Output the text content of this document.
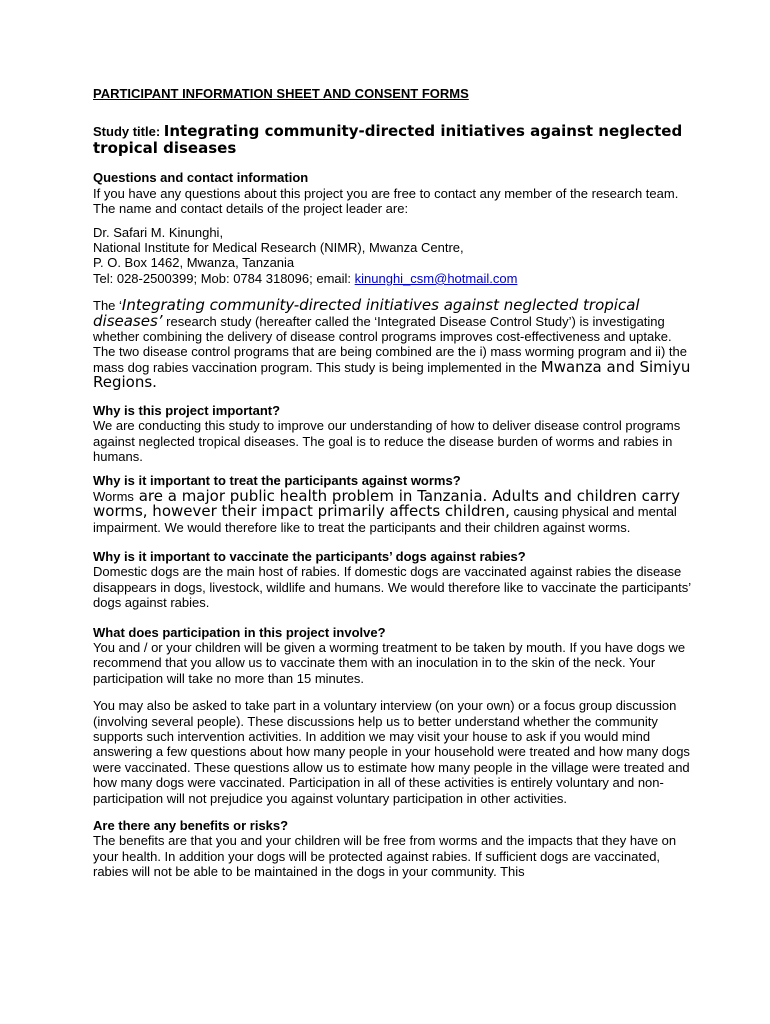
PARTICIPANT INFORMATION SHEET AND CONSENT FORMS

Study title: Integrating community-directed initiatives against neglected tropical diseases

Questions and contact information

If you have any questions about this project you are free to contact any member of the research team. The name and contact details of the project leader are:

Dr. Safari M. Kinunghi,

National Institute for Medical Research (NIMR), Mwanza Centre,

P. O. Box 1462, Mwanza, Tanzania

Tel: 028-2500399; Mob: 0784 318096; email: kinunghi_csm@hotmail.com

The ‘Integrating community-directed initiatives against neglected tropical diseases’ research study (hereafter called the ‘Integrated Disease Control Study’) is investigating whether combining the delivery of disease control programs improves cost-effectiveness and uptake. The two disease control programs that are being combined are the i) mass worming program and ii) the mass dog rabies vaccination program. This study is being implemented in the Mwanza and Simiyu Regions.

Why is this project important?

We are conducting this study to improve our understanding of how to deliver disease control programs against neglected tropical diseases. The goal is to reduce the disease burden of worms and rabies in humans.

Why is it important to treat the participants against worms?

Worms are a major public health problem in Tanzania. Adults and children carry worms, however their impact primarily affects children, causing physical and mental impairment. We would therefore like to treat the participants and their children against worms.

Why is it important to vaccinate the participants’ dogs against rabies?

Domestic dogs are the main host of rabies. If domestic dogs are vaccinated against rabies the disease disappears in dogs, livestock, wildlife and humans. We would therefore like to vaccinate the participants’ dogs against rabies.

What does participation in this project involve?

You and / or your children will be given a worming treatment to be taken by mouth. If you have dogs we recommend that you allow us to vaccinate them with an inoculation in to the skin of the neck. Your participation will take no more than 15 minutes.

You may also be asked to take part in a voluntary interview (on your own) or a focus group discussion (involving several people). These discussions help us to better understand whether the community supports such intervention activities. In addition we may visit your house to ask if you would mind answering a few questions about how many people in your household were treated and how many dogs were vaccinated. These questions allow us to estimate how many people in the village were treated and how many dogs were vaccinated. Participation in all of these activities is entirely voluntary and non-participation will not prejudice you against voluntary participation in other activities.

Are there any benefits or risks?

The benefits are that you and your children will be free from worms and the impacts that they have on your health. In addition your dogs will be protected against rabies. If sufficient dogs are vaccinated, rabies will not be able to be maintained in the dogs in your community. This
